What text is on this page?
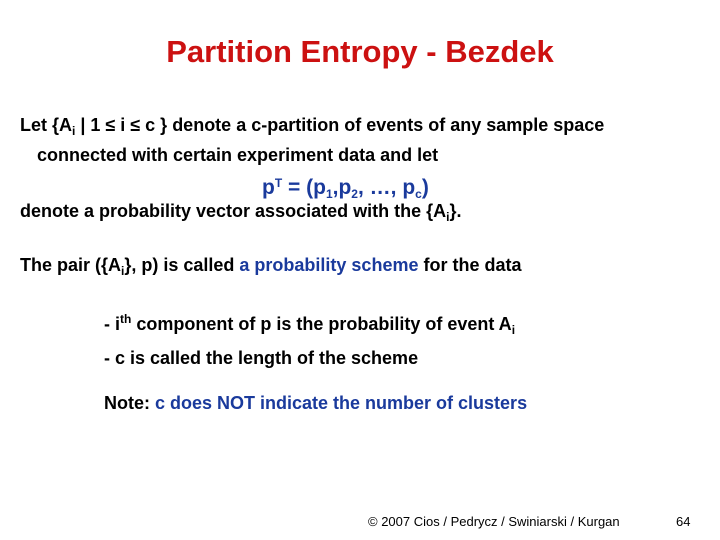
Partition Entropy - Bezdek
Let {$A_i$ | 1 ≤ i ≤ c } denote a c-partition of events of any sample space
connected with certain experiment data and let
$p^T = (p_1,p_2$, …, $p_c$)
denote a probability vector associated with the $\{A_i\}$.
The pair ($\{A_i\}$, p) is called a probability scheme for the data
- $i^{th}$ component of p is the probability of event $A_i$
- c is called the length of the scheme
Note: c does NOT indicate the number of clusters
© 2007 Cios / Pedrycz / Swiniarski / Kurgan	64
